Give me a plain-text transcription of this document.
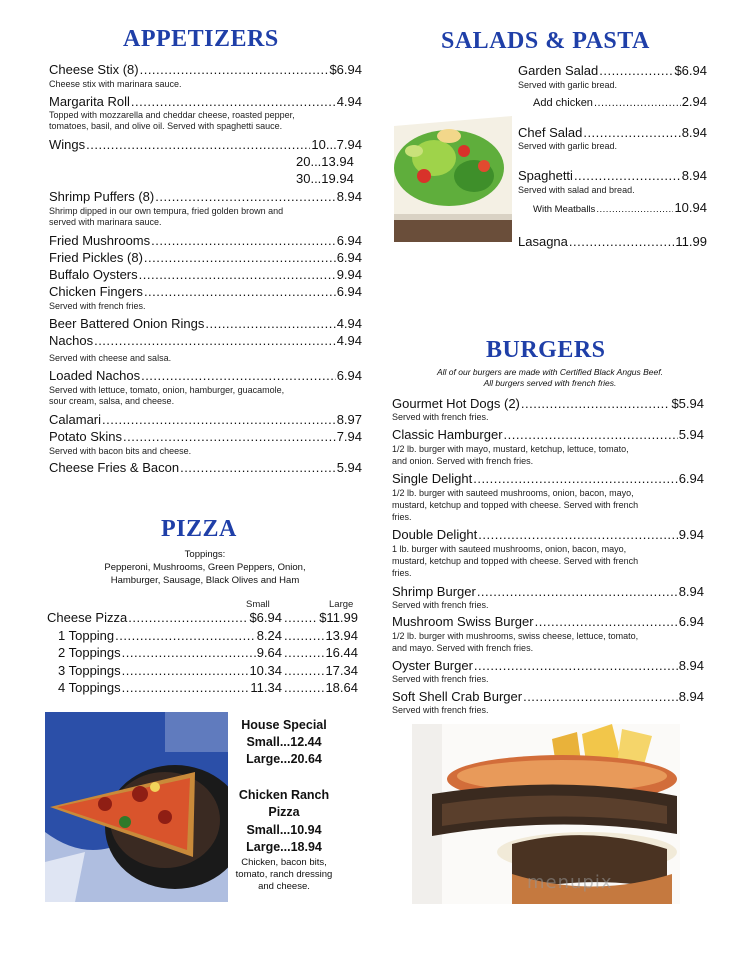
APPETIZERS
Cheese Stix (8) .....	$6.94
Cheese stix with marinara sauce.
Margarita Roll .....	4.94
Topped with mozzarella and cheddar cheese, roasted pepper,
tomatoes, basil, and olive oil. Served with spaghetti sauce.
Wings .....	10...7.94
20...13.94
30...19.94
Shrimp Puffers (8) .....	8.94
Shrimp dipped in our own tempura, fried golden brown and
served with marinara sauce.
Fried Mushrooms .....	6.94
Fried Pickles (8) .....	6.94
Buffalo Oysters .....	9.94
Chicken Fingers .....	6.94
Served with french fries.
Beer Battered Onion Rings .....	4.94
Nachos .....	4.94
Served with cheese and salsa.
Loaded Nachos .....	6.94
Served with lettuce, tomato, onion, hamburger, guacamole,
sour cream, salsa, and cheese.
Calamari .....	8.97
Potato Skins .....	7.94
Served with bacon bits and cheese.
Cheese Fries & Bacon .....	5.94
PIZZA
Toppings:
Pepperoni, Mushrooms, Green Peppers, Onion,
Hamburger, Sausage, Black Olives and Ham
Small	Large
Cheese Pizza .....	$6.94 .....	$11.99
1 Topping .....	8.24 .....	13.94
2 Toppings .....	9.64 .....	16.44
3 Toppings .....	10.34 .....	17.34
4 Toppings .....	11.34 .....	18.64
House Special
Small...12.44
Large...20.64
Chicken Ranch
Pizza
Small...10.94
Large...18.94
Chicken, bacon bits,
tomato, ranch dressing
and cheese.
SALADS & PASTA
Garden Salad .....	$6.94
Served with garlic bread.
Add chicken .....	2.94
Chef Salad .....	8.94
Served with garlic bread.
Spaghetti .....	8.94
Served with salad and bread.
With Meatballs .....	10.94
Lasagna .....	11.99
BURGERS
All of our burgers are made with Certified Black Angus Beef.
All burgers served with french fries.
Gourmet Hot Dogs (2) .....	$5.94
Served with french fries.
Classic Hamburger .....	5.94
1/2 lb. burger with mayo, mustard, ketchup, lettuce, tomato,
and onion. Served with french fries.
Single Delight .....	6.94
1/2 lb. burger with sauteed mushrooms, onion, bacon, mayo,
mustard, ketchup and topped with cheese. Served with french
fries.
Double Delight .....	9.94
1 lb. burger with sauteed mushrooms, onion, bacon, mayo,
mustard, ketchup and topped with cheese. Served with french
fries.
Shrimp Burger .....	8.94
Served with french fries.
Mushroom Swiss Burger .....	6.94
1/2 lb. burger with mushrooms, swiss cheese, lettuce, tomato,
and mayo. Served with french fries.
Oyster Burger .....	8.94
Served with french fries.
Soft Shell Crab Burger .....	8.94
Served with french fries.
menupix
